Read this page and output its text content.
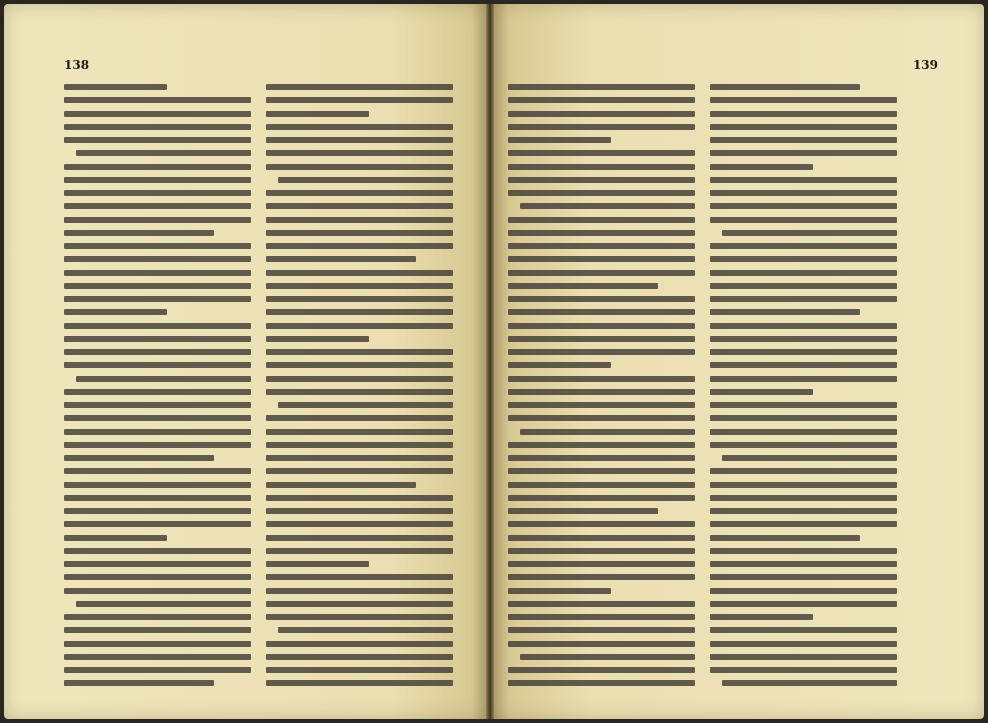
138	139
